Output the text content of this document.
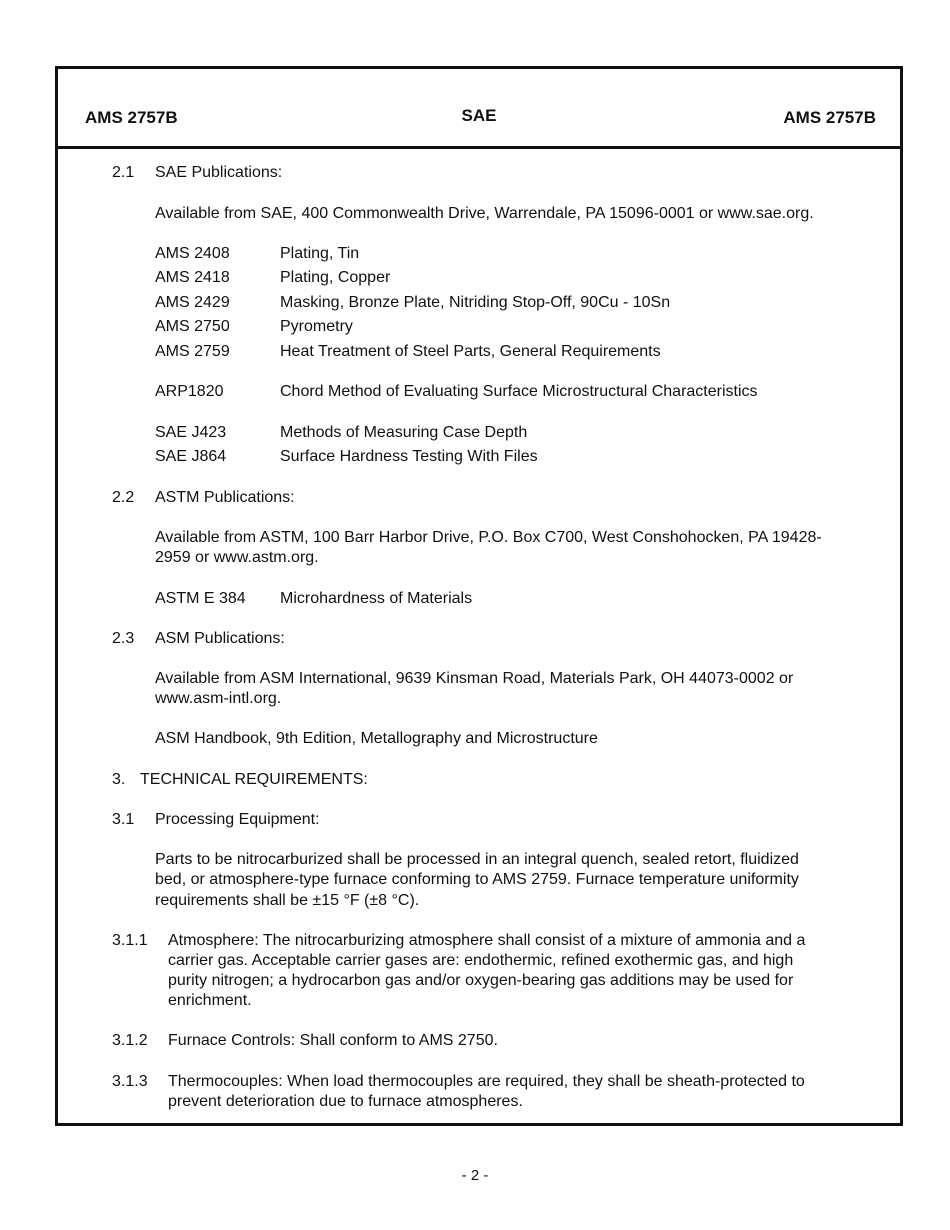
AMS 2757B	SAE	AMS 2757B
2.1 SAE Publications:
Available from SAE, 400 Commonwealth Drive, Warrendale, PA 15096-0001 or www.sae.org.
AMS 2408	Plating, Tin
AMS 2418	Plating, Copper
AMS 2429	Masking, Bronze Plate, Nitriding Stop-Off, 90Cu - 10Sn
AMS 2750	Pyrometry
AMS 2759	Heat Treatment of Steel Parts, General Requirements
ARP1820	Chord Method of Evaluating Surface Microstructural Characteristics
SAE J423	Methods of Measuring Case Depth
SAE J864	Surface Hardness Testing With Files
2.2 ASTM Publications:
Available from ASTM, 100 Barr Harbor Drive, P.O. Box C700, West Conshohocken, PA 19428-
2959 or www.astm.org.
ASTM E 384 Microhardness of Materials
2.3 ASM Publications:
Available from ASM International, 9639 Kinsman Road, Materials Park, OH 44073-0002 or
www.asm-intl.org.
ASM Handbook, 9th Edition, Metallography and Microstructure
3. TECHNICAL REQUIREMENTS:
3.1 Processing Equipment:
Parts to be nitrocarburized shall be processed in an integral quench, sealed retort, fluidized
bed, or atmosphere-type furnace conforming to AMS 2759. Furnace temperature uniformity
requirements shall be ±15 °F (±8 °C).
3.1.1 Atmosphere: The nitrocarburizing atmosphere shall consist of a mixture of ammonia and a
carrier gas. Acceptable carrier gases are: endothermic, refined exothermic gas, and high
purity nitrogen; a hydrocarbon gas and/or oxygen-bearing gas additions may be used for
enrichment.
3.1.2 Furnace Controls: Shall conform to AMS 2750.
3.1.3 Thermocouples: When load thermocouples are required, they shall be sheath-protected to
prevent deterioration due to furnace atmospheres.
- 2 -
